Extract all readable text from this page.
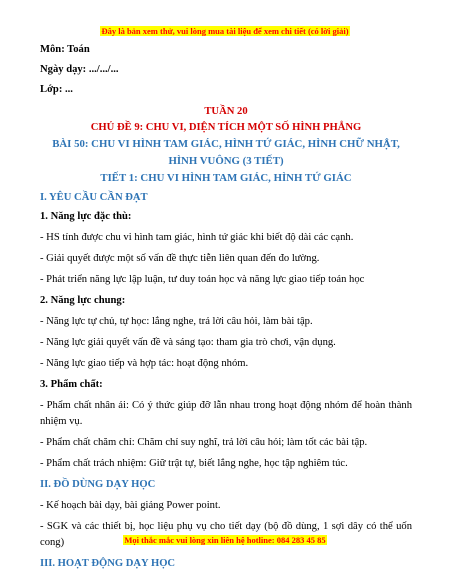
Đây là bản xem thử, vui lòng mua tài liệu để xem chi tiết (có lời giải)

Môn: Toán

Ngày dạy: .../.../...

Lớp: ...

TUẦN 20

CHỦ ĐỀ 9: CHU VI, DIỆN TÍCH MỘT SỐ HÌNH PHẲNG

BÀI 50: CHU VI HÌNH TAM GIÁC, HÌNH TỨ GIÁC, HÌNH CHỮ NHẬT, HÌNH VUÔNG (3 TIẾT)

TIẾT 1: CHU VI HÌNH TAM GIÁC, HÌNH TỨ GIÁC

I. YÊU CẦU CẦN ĐẠT

1. Năng lực đặc thù:

- HS tính được chu vi hình tam giác, hình tứ giác khi biết độ dài các cạnh.

- Giải quyết được một số vấn đề thực tiễn liên quan đến đo lường.

- Phát triển năng lực lập luận, tư duy toán học và năng lực giao tiếp toán học

2. Năng lực chung:

- Năng lực tự chủ, tự học: lắng nghe, trả lời câu hỏi, làm bài tập.

- Năng lực giải quyết vấn đề và sáng tạo: tham gia trò chơi, vận dụng.

- Năng lực giao tiếp và hợp tác: hoạt động nhóm.

3. Phẩm chất:

- Phẩm chất nhân ái: Có ý thức giúp đỡ lẫn nhau trong hoạt động nhóm để hoàn thành nhiệm vụ.

- Phẩm chất chăm chỉ: Chăm chỉ suy nghĩ, trả lời câu hỏi; làm tốt các bài tập.

- Phẩm chất trách nhiệm: Giữ trật tự, biết lắng nghe, học tập nghiêm túc.

II. ĐỒ DÙNG DẠY HỌC

- Kế hoạch bài dạy, bài giảng Power point.

- SGK và các thiết bị, học liệu phụ vụ cho tiết dạy (bộ đồ dùng, 1 sợi dây có thể uốn cong)

III. HOẠT ĐỘNG DẠY HỌC

Mọi thắc mắc vui lòng xin liên hệ hotline: 084 283 45 85
